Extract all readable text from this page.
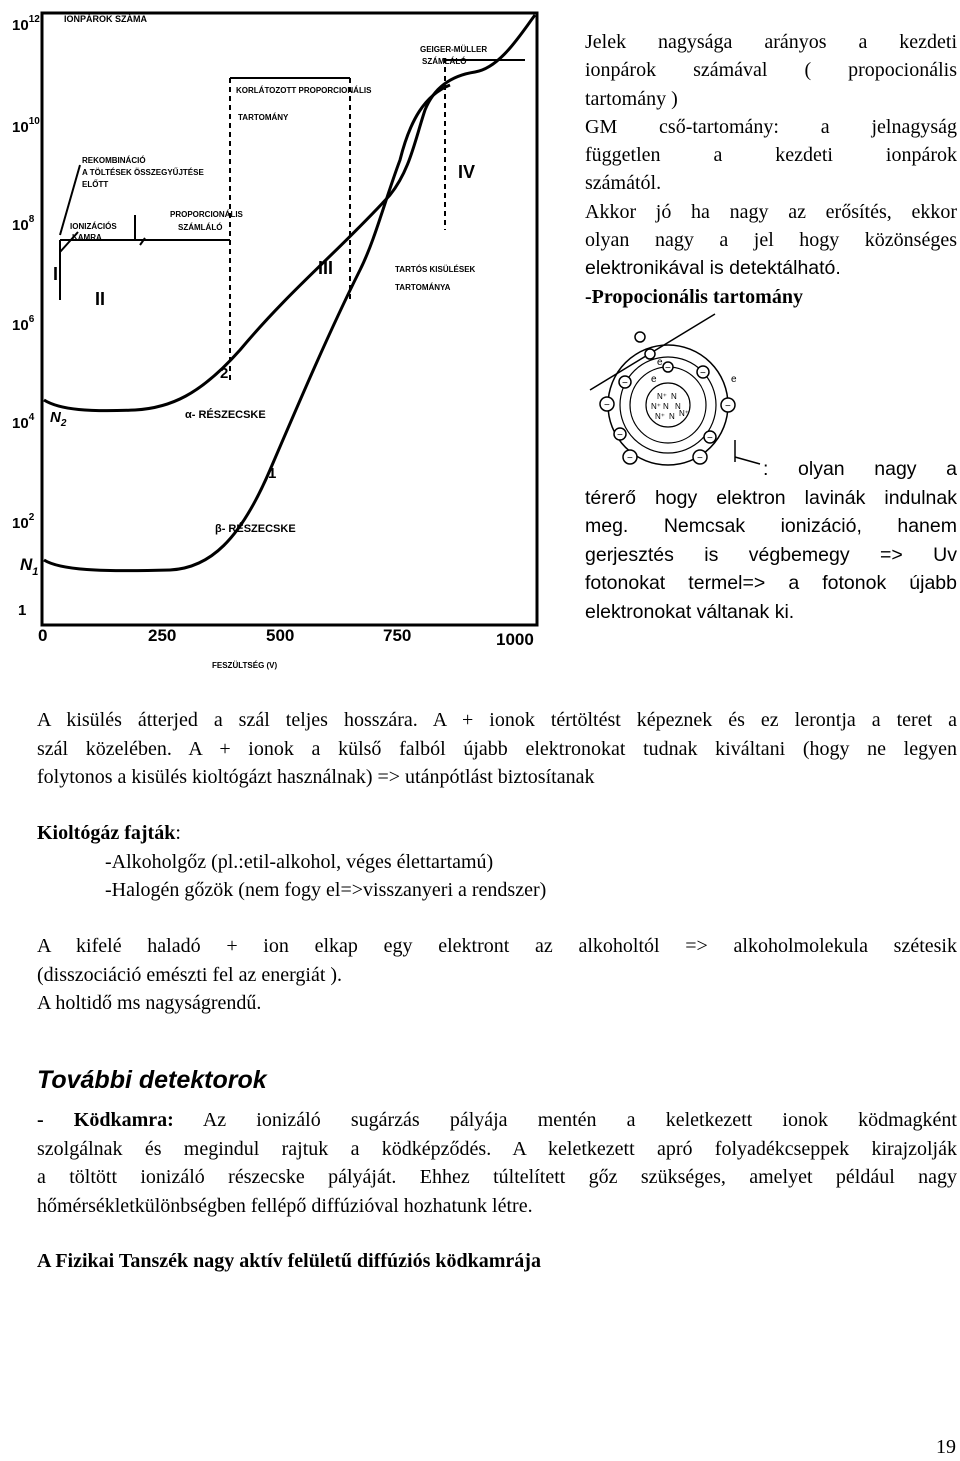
IONPÁROK SZÁMA
$10^{12}$
$10^{10}$
$10^8$
$10^6$
$10^4$
$10^2$
1
$N_1$
0	250	500	750	1000
FESZÜLTSÉG (V)
I
II
III
IV
2
1
$N_2$
REKOMBINÁCIÓ
A TÖLTÉSEK ÖSSZEGYŰJTÉSE
ELŐTT
IONIZÁCIÓS
KAMRA
PROPORCIONÁLIS
SZÁMLÁLÓ
KORLÁTOZOTT PROPORCIONÁLIS
TARTOMÁNY
GEIGER-MÜLLER
SZÁMLÁLÓ
TARTÓS KISÜLÉSEK
TARTOMÁNYA
α- RÉSZECSKE
β- RÉSZECSKE
Jelek nagysága arányos a kezdeti
ionpárok számával ( propocionális
tartomány )
GM cső-tartomány: a jelnagyság
független a kezdeti ionpárok
számától.
Akkor jó ha nagy az erősítés, ekkor
olyan nagy a jel hogy közönséges
elektronikával is detektálható.
-Propocionális tartomány
N⁺ N
N⁺ N N
N⁺ N N⁺
−
−	−
−
−
−
−
−
−
e
e	e
: olyan nagy a
térerő hogy elektron lavinák indulnak
meg. Nemcsak ionizáció, hanem
gerjesztés is végbemegy => Uv
fotonokat termel=> a fotonok újabb
elektronokat váltanak ki.
A kisülés átterjed a szál teljes hosszára. A + ionok tértöltést képeznek és ez lerontja a teret a
szál közelében. A + ionok a külső falból újabb elektronokat tudnak kiváltani (hogy ne legyen
folytonos a kisülés kioltógázt használnak) => utánpótlást biztosítanak
Kioltógáz fajták:
-Alkoholgőz (pl.:etil-alkohol, véges élettartamú)
-Halogén gőzök (nem fogy el=>visszanyeri a rendszer)
A kifelé haladó + ion elkap egy elektront az alkoholtól => alkoholmolekula szétesik
(disszociáció emészti fel az energiát ).
A holtidő ms nagyságrendű.
További detektorok
- Ködkamra: Az ionizáló sugárzás pályája mentén a keletkezett ionok ködmagként
szolgálnak és megindul rajtuk a ködképződés. A keletkezett apró folyadékcseppek kirajzolják
a töltött ionizáló részecske pályáját. Ehhez túltelített gőz szükséges, amelyet például nagy
hőmérsékletkülönbségben fellépő diffúzióval hozhatunk létre.
A Fizikai Tanszék nagy aktív felületű diffúziós ködkamrája
19
